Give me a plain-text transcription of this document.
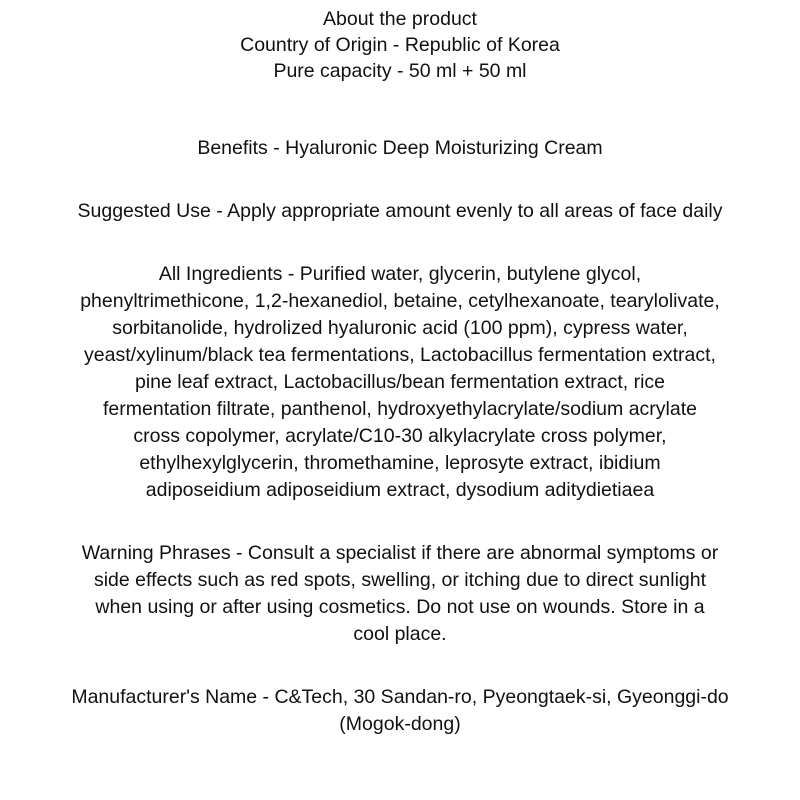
About the product
Country of Origin - Republic of Korea
Pure capacity - 50 ml + 50 ml
Benefits - Hyaluronic Deep Moisturizing Cream
Suggested Use - Apply appropriate amount evenly to all areas of face daily
All Ingredients - Purified water, glycerin, butylene glycol,
phenyltrimethicone, 1,2-hexanediol, betaine, cetylhexanoate, tearylolivate,
sorbitanolide, hydrolized hyaluronic acid (100 ppm), cypress water,
yeast/xylinum/black tea fermentations, Lactobacillus fermentation extract,
pine leaf extract, Lactobacillus/bean fermentation extract, rice
fermentation filtrate, panthenol, hydroxyethylacrylate/sodium acrylate
cross copolymer, acrylate/C10-30 alkylacrylate cross polymer,
ethylhexylglycerin, thromethamine, leprosyte extract, ibidium
adiposeidium adiposeidium extract, dysodium aditydietiaea
Warning Phrases - Consult a specialist if there are abnormal symptoms or
side effects such as red spots, swelling, or itching due to direct sunlight
when using or after using cosmetics. Do not use on wounds. Store in a
cool place.
Manufacturer's Name - C&Tech, 30 Sandan-ro, Pyeongtaek-si, Gyeonggi-do
(Mogok-dong)
